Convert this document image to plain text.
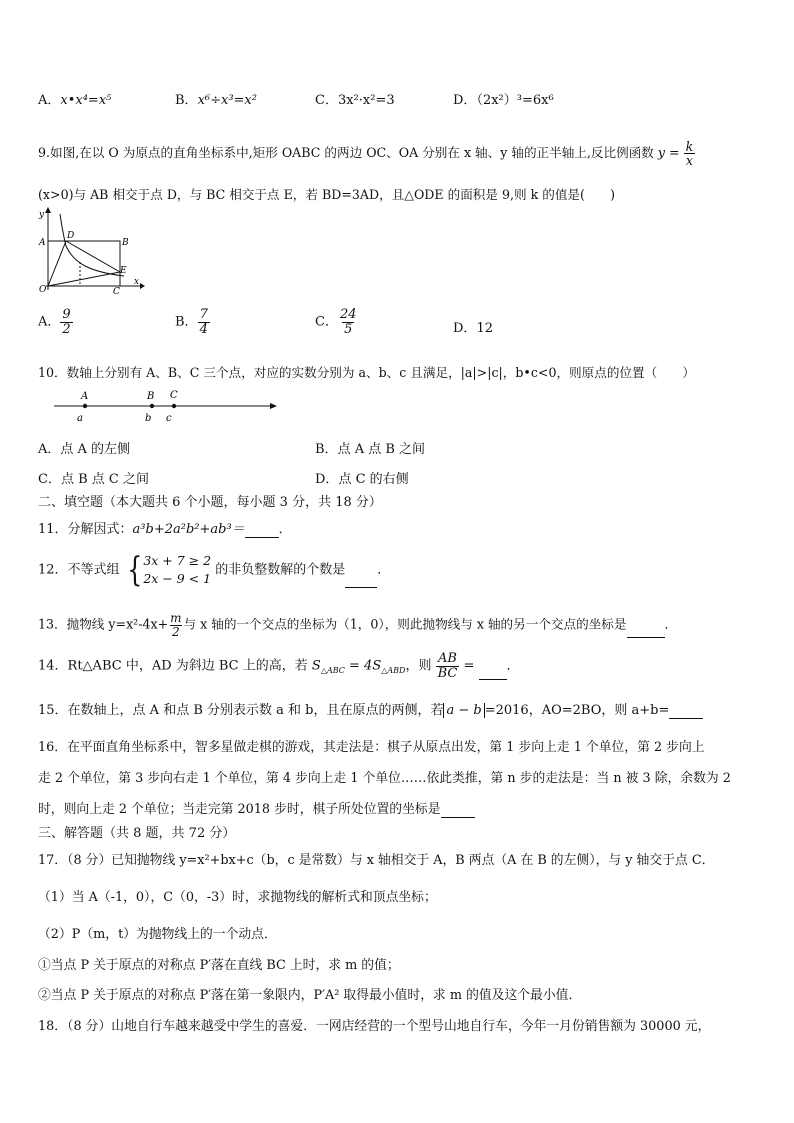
A．x•x⁴=x⁵	B．x⁶÷x³=x²	C．3x²·x²=3	D．（2x²）³=6x⁶
9.如图,在以 O 为原点的直角坐标系中,矩形 OABC 的两边 OC、OA 分别在 x 轴、y 轴的正半轴上,反比例函数 $y = \frac{k}{x}$
(x>0)与 AB 相交于点 D，与 BC 相交于点 E，若 BD=3AD，且△ODE 的面积是 9,则 k 的值是(　　)
y
A
D
B
E
O	C
x
A． $\frac{9}{2}$	B． $\frac{7}{4}$	C． $\frac{24}{5}$	D．12
10．数轴上分别有 A、B、C 三个点，对应的实数分别为 a、b、c 且满足，|a|>|c|，b•c<0，则原点的位置（　　）
A	B C
a	b c
A．点 A 的左侧	B．点 A 点 B 之间
C．点 B 点 C 之间	D．点 C 的右侧
二、填空题（本大题共 6 个小题，每小题 3 分，共 18 分）
11．分解因式：a³b+2a²b²+ab³＝	．
12．不等式组 { 3x + 7 ≥ 2
2x − 9 < 1
的非负整数解的个数是 ．
13．抛物线 $y=x^2-4x+ \frac{m}{2}$ 与 x 轴的一个交点的坐标为（1，0），则此抛物线与 x 轴的另一个交点的坐标是	．
14．Rt△ABC 中，AD 为斜边 BC 上的高，若 $S_{\triangle ABC} = 4S_{\triangle ABD}$，则 $\frac{AB}{BC}$ = ．
15．在数轴上，点 A 和点 B 分别表示数 a 和 b，且在原点的两侧，若 a − b =2016，AO=2BO，则 a+b=
16．在平面直角坐标系中，智多星做走棋的游戏，其走法是：棋子从原点出发，第 1 步向上走 1 个单位，第 2 步向上
走 2 个单位，第 3 步向右走 1 个单位，第 4 步向上走 1 个单位……依此类推，第 n 步的走法是：当 n 被 3 除，余数为 2
时，则向上走 2 个单位；当走完第 2018 步时，棋子所处位置的坐标是
三、解答题（共 8 题，共 72 分）
17．（8 分）已知抛物线 y=x²+bx+c（b，c 是常数）与 x 轴相交于 A，B 两点（A 在 B 的左侧），与 y 轴交于点 C．
（1）当 A（-1，0），C（0，-3）时，求抛物线的解析式和顶点坐标；
（2）P（m，t）为抛物线上的一个动点．
①当点 P 关于原点的对称点 P′落在直线 BC 上时，求 m 的值；
②当点 P 关于原点的对称点 P′落在第一象限内，P′A² 取得最小值时，求 m 的值及这个最小值．
18．（8 分）山地自行车越来越受中学生的喜爱．一网店经营的一个型号山地自行车，今年一月份销售额为 30000 元，
